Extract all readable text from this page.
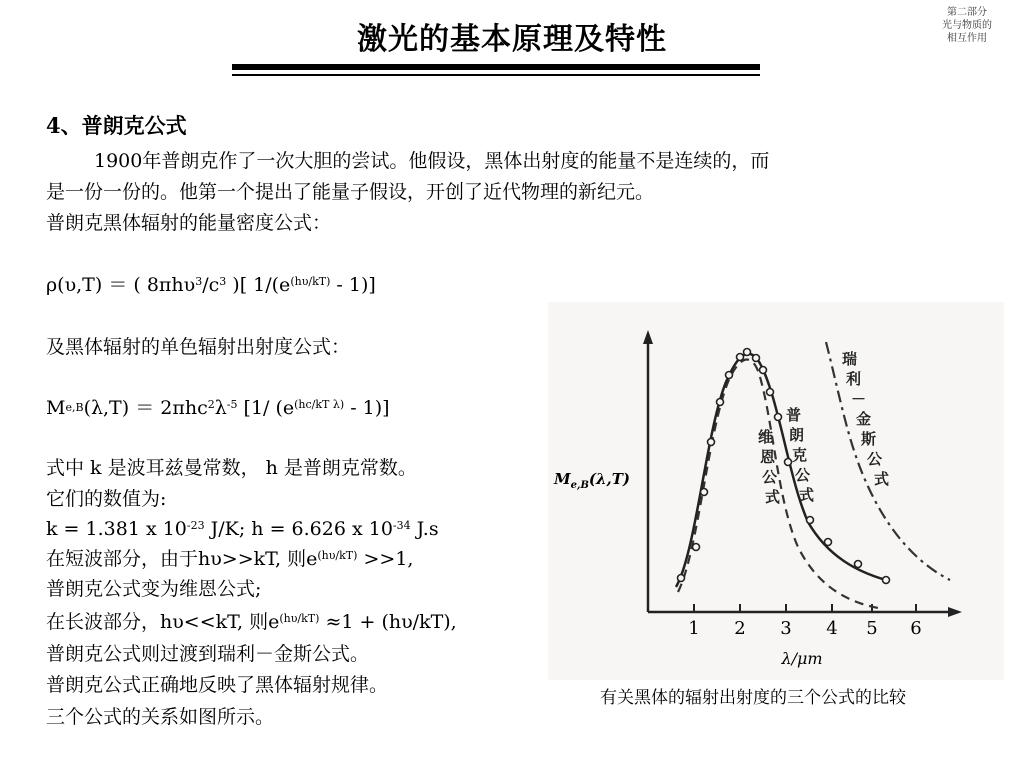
激光的基本原理及特性
第二部分
光与物质的
相互作用
4、普朗克公式
1900年普朗克作了一次大胆的尝试。他假设，黑体出射度的能量不是连续的，而
是一份一份的。他第一个提出了能量子假设，开创了近代物理的新纪元。
普朗克黑体辐射的能量密度公式：
ρ(υ,T) ＝ ( $8\pi h\upsilon^3/c^3$ )[ $1/(e^{(h\upsilon/kT)} - 1)$]
及黑体辐射的单色辐射出射度公式：
$Me,B(\lambda,T) = 2\pi hc^2\lambda^{-5}$ [1/ $(e^{(hc/kT \lambda)} - 1)$]
式中 k 是波耳兹曼常数， h 是普朗克常数。
它们的数值为:
k = 1.381 x $10^{-23}$ J/K; h = 6.626 x $10^{-34}$ J.s
在短波部分，由于hυ>>kT, 则$e^{(h\upsilon/kT)} >>1$,
普朗克公式变为维恩公式;
在长波部分，hυ<<kT, 则$e^{(h\upsilon/kT)} \approx 1 + (h\upsilon/kT)$,
普朗克公式则过渡到瑞利－金斯公式。
普朗克公式正确地反映了黑体辐射规律。
三个公式的关系如图所示。
1 2 3 4 5 6
λ/μm
$M_{e,B}(\lambda,T)$
维
恩
公
式
普
朗
克
公
式
瑞
利
－
金
斯
公
式
有关黑体的辐射出射度的三个公式的比较
